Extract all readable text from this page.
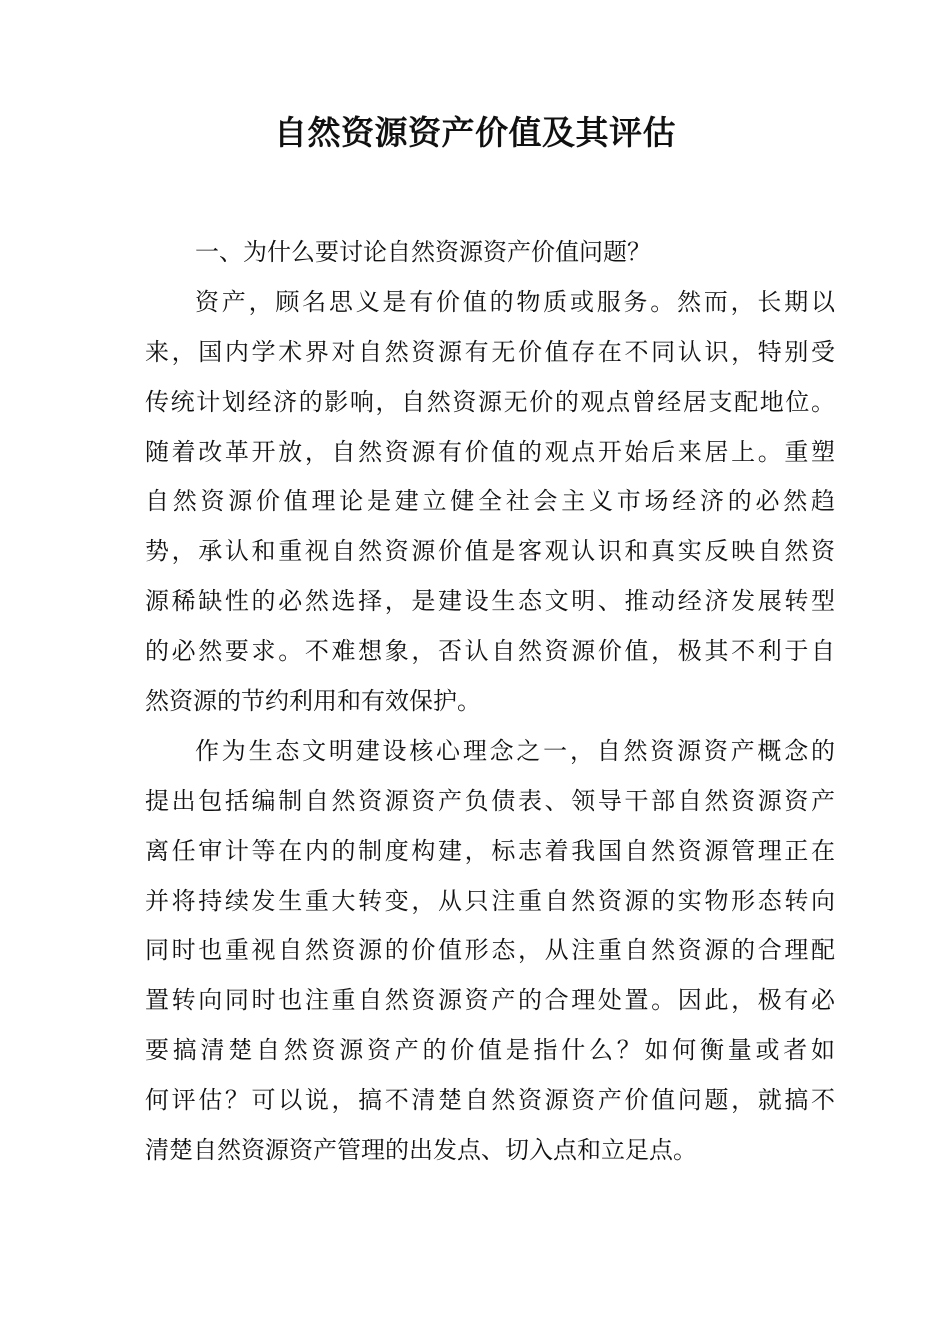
自然资源资产价值及其评估
一、为什么要讨论自然资源资产价值问题？
资产，顾名思义是有价值的物质或服务。然而，长期以
来，国内学术界对自然资源有无价值存在不同认识，特别受
传统计划经济的影响，自然资源无价的观点曾经居支配地位。
随着改革开放，自然资源有价值的观点开始后来居上。重塑
自然资源价值理论是建立健全社会主义市场经济的必然趋
势，承认和重视自然资源价值是客观认识和真实反映自然资
源稀缺性的必然选择，是建设生态文明、推动经济发展转型
的必然要求。不难想象，否认自然资源价值，极其不利于自
然资源的节约利用和有效保护。
作为生态文明建设核心理念之一，自然资源资产概念的
提出包括编制自然资源资产负债表、领导干部自然资源资产
离任审计等在内的制度构建，标志着我国自然资源管理正在
并将持续发生重大转变，从只注重自然资源的实物形态转向
同时也重视自然资源的价值形态，从注重自然资源的合理配
置转向同时也注重自然资源资产的合理处置。因此，极有必
要搞清楚自然资源资产的价值是指什么？如何衡量或者如
何评估？可以说，搞不清楚自然资源资产价值问题，就搞不
清楚自然资源资产管理的出发点、切入点和立足点。
